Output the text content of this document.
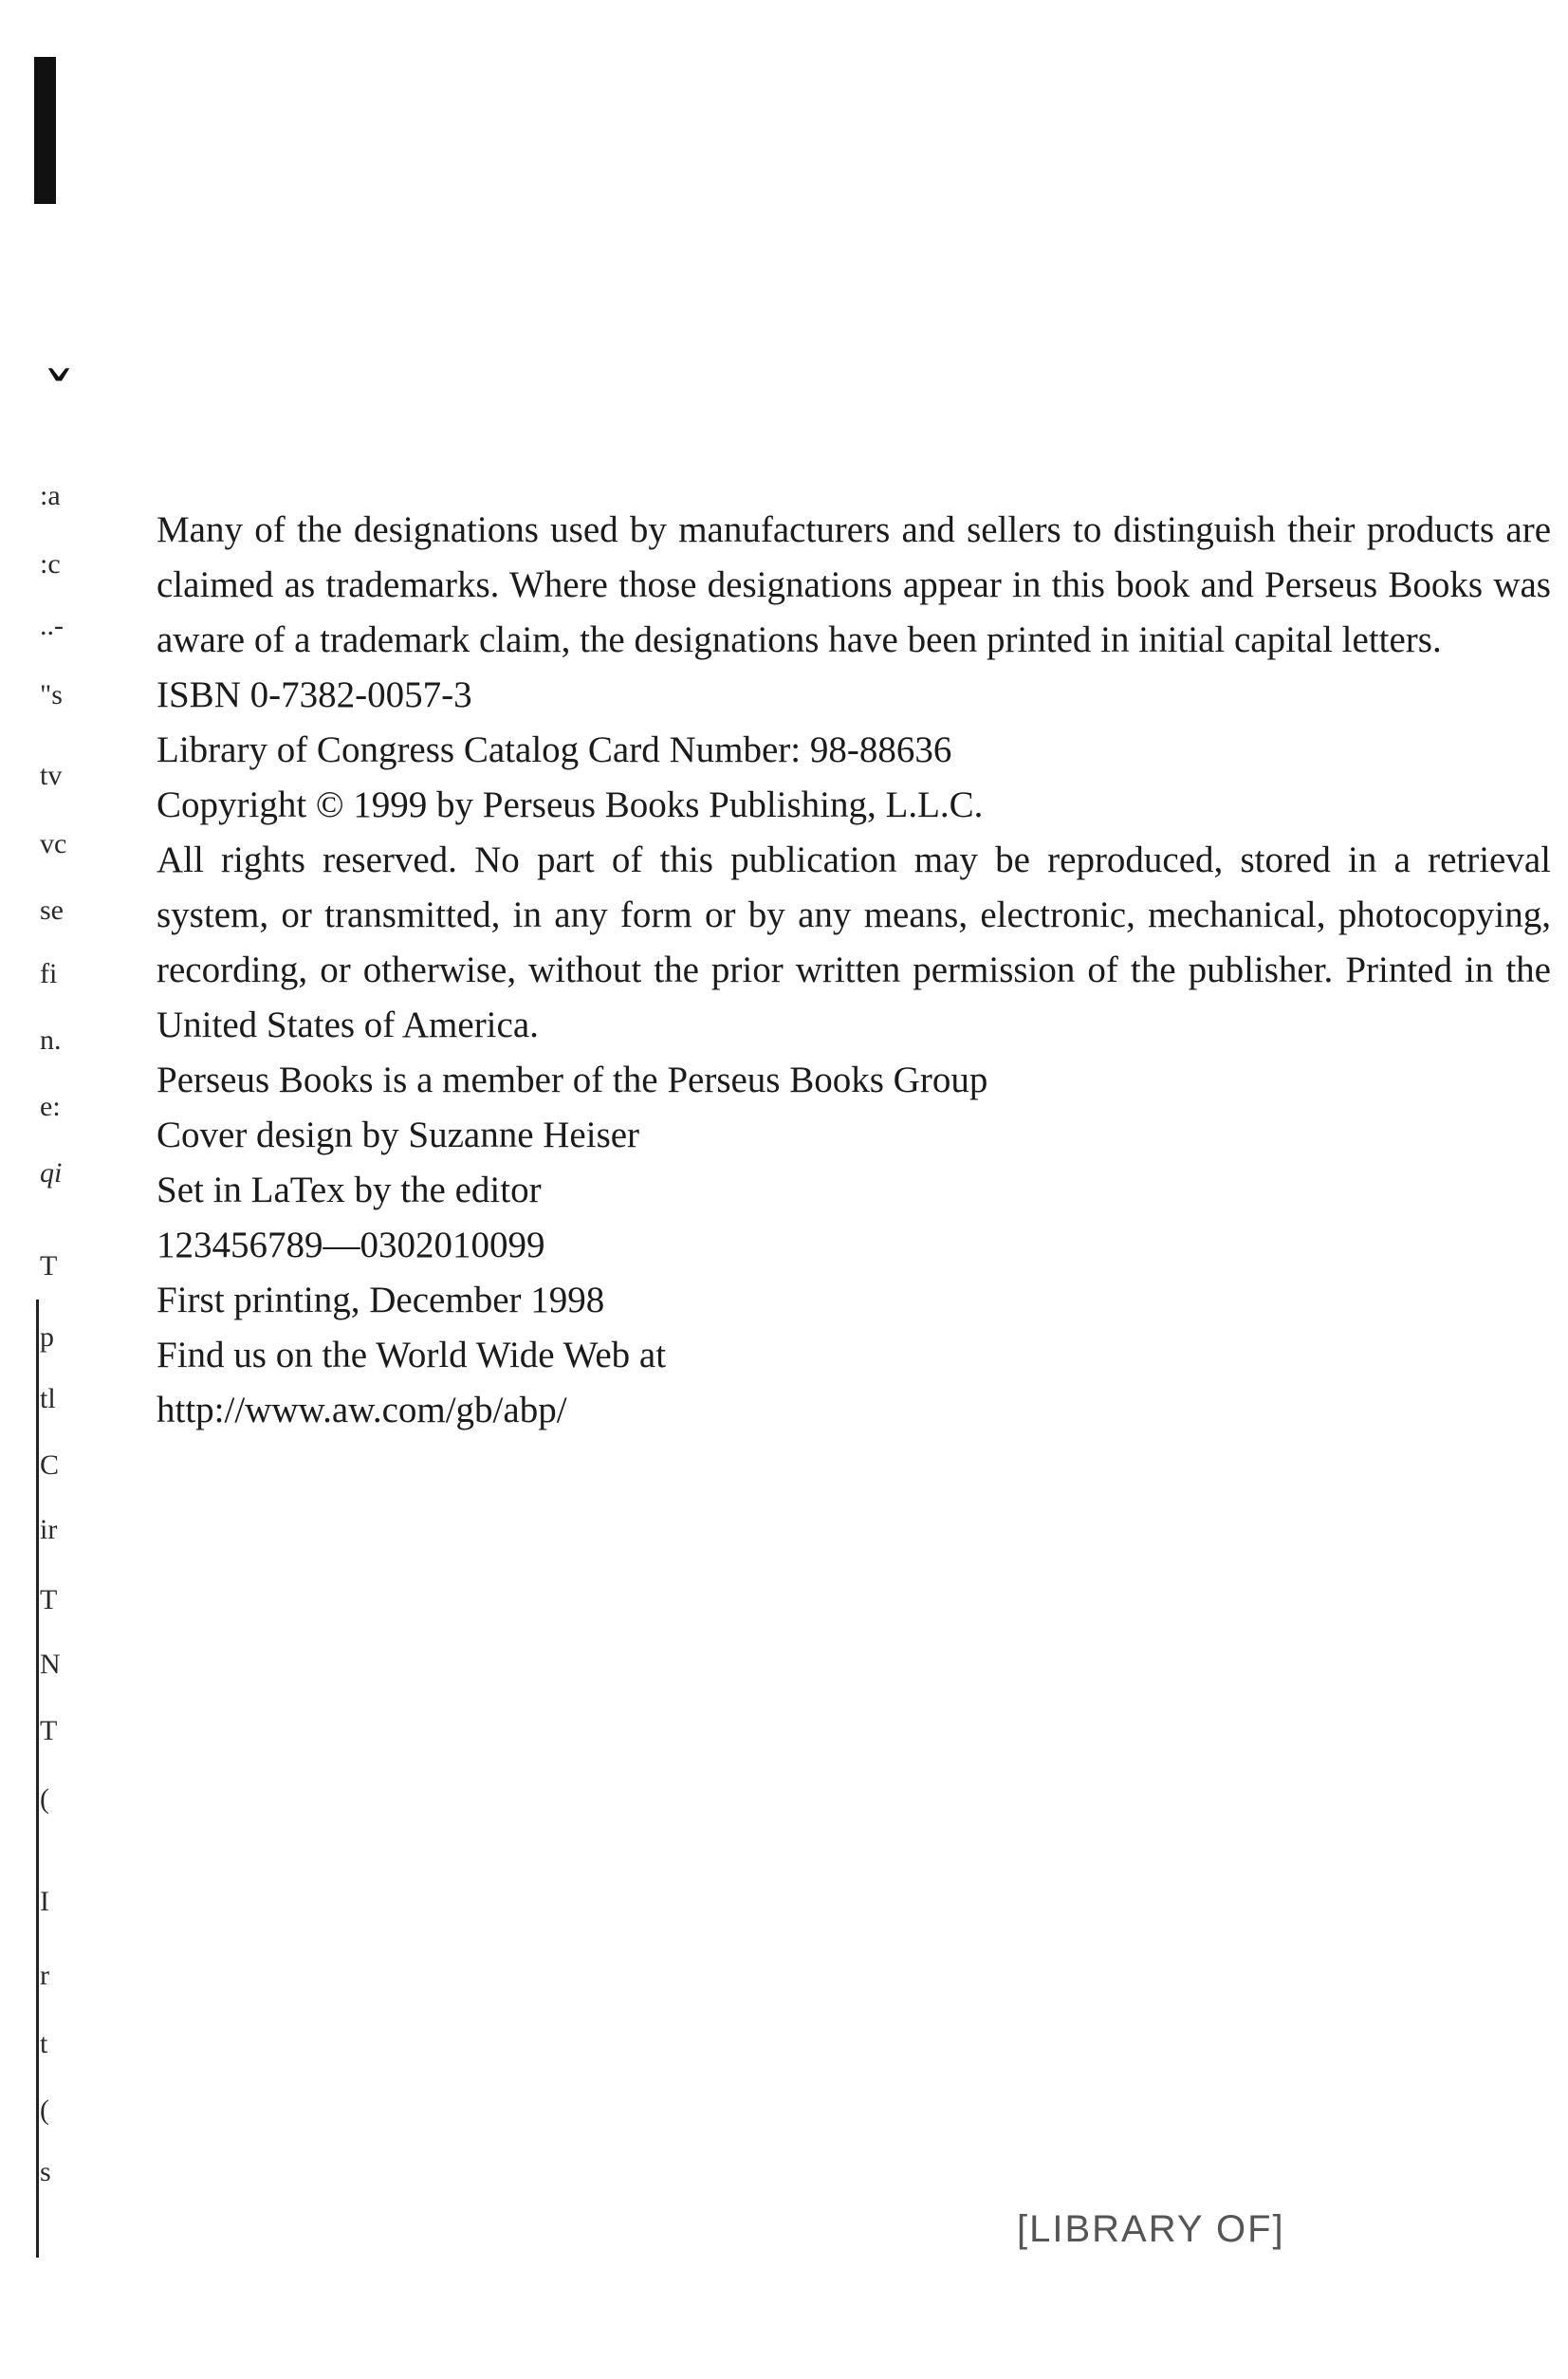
ˇ
:a
:c
..-
"s
tv
vc
se
fi
n.
e:
qi
T
p
tl
C
ir
T
N
T
(
I
r
t
(
s

Many of the designations used by manufacturers and sellers to distinguish their products are claimed as trademarks. Where those designations appear in this book and Perseus Books was aware of a trademark claim, the designations have been printed in initial capital letters.

ISBN 0-7382-0057-3

Library of Congress Catalog Card Number: 98-88636

Copyright © 1999 by Perseus Books Publishing, L.L.C.

All rights reserved. No part of this publication may be reproduced, stored in a retrieval system, or transmitted, in any form or by any means, electronic, mechanical, photocopying, recording, or otherwise, without the prior written permission of the publisher. Printed in the United States of America.

Perseus Books is a member of the Perseus Books Group

Cover design by Suzanne Heiser

Set in LaTex by the editor

123456789—0302010099

First printing, December 1998

Find us on the World Wide Web at

http://www.aw.com/gb/abp/

[LIBRARY OF]
